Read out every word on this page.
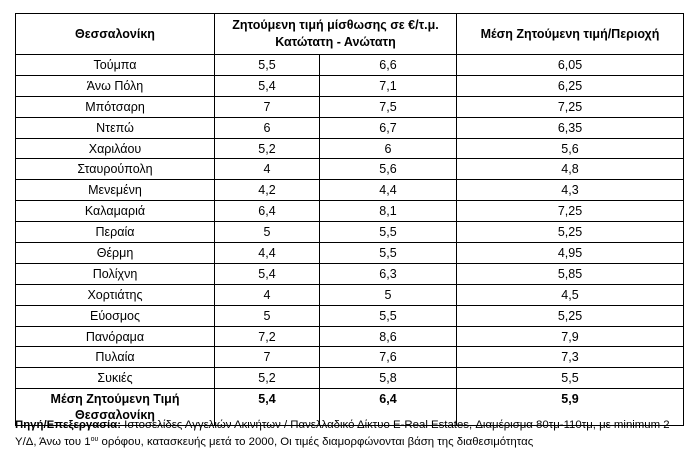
Θεσσαλονίκη	Ζητούμενη τιμή μίσθωσης σε €/τ.μ. Κατώτατη - Ανώτατη		Μέση Ζητούμενη τιμή/Περιοχή
Τούμπα	5,5	6,6	6,05
Άνω Πόλη	5,4	7,1	6,25
Μπότσαρη	7	7,5	7,25
Ντεπώ	6	6,7	6,35
Χαριλάου	5,2	6	5,6
Σταυρούπολη	4	5,6	4,8
Μενεμένη	4,2	4,4	4,3
Καλαμαριά	6,4	8,1	7,25
Περαία	5	5,5	5,25
Θέρμη	4,4	5,5	4,95
Πολίχνη	5,4	6,3	5,85
Χορτιάτης	4	5	4,5
Εύοσμος	5	5,5	5,25
Πανόραμα	7,2	8,6	7,9
Πυλαία	7	7,6	7,3
Συκιές	5,2	5,8	5,5
Μέση Ζητούμενη Τιμή Θεσσαλονίκη	5,4	6,4	5,9
Πηγή/Επεξεργασία: Ιστοσελίδες Αγγελιών Ακινήτων / Πανελλαδικό Δίκτυο E-Real Estates, Διαμέρισμα 80τμ-110τμ, με minimum 2 Υ/Δ, Άνω του $1^{o\upsilon}$ ορόφου, κατασκευής μετά το 2000, Οι τιμές διαμορφώνονται βάση της διαθεσιμότητας
